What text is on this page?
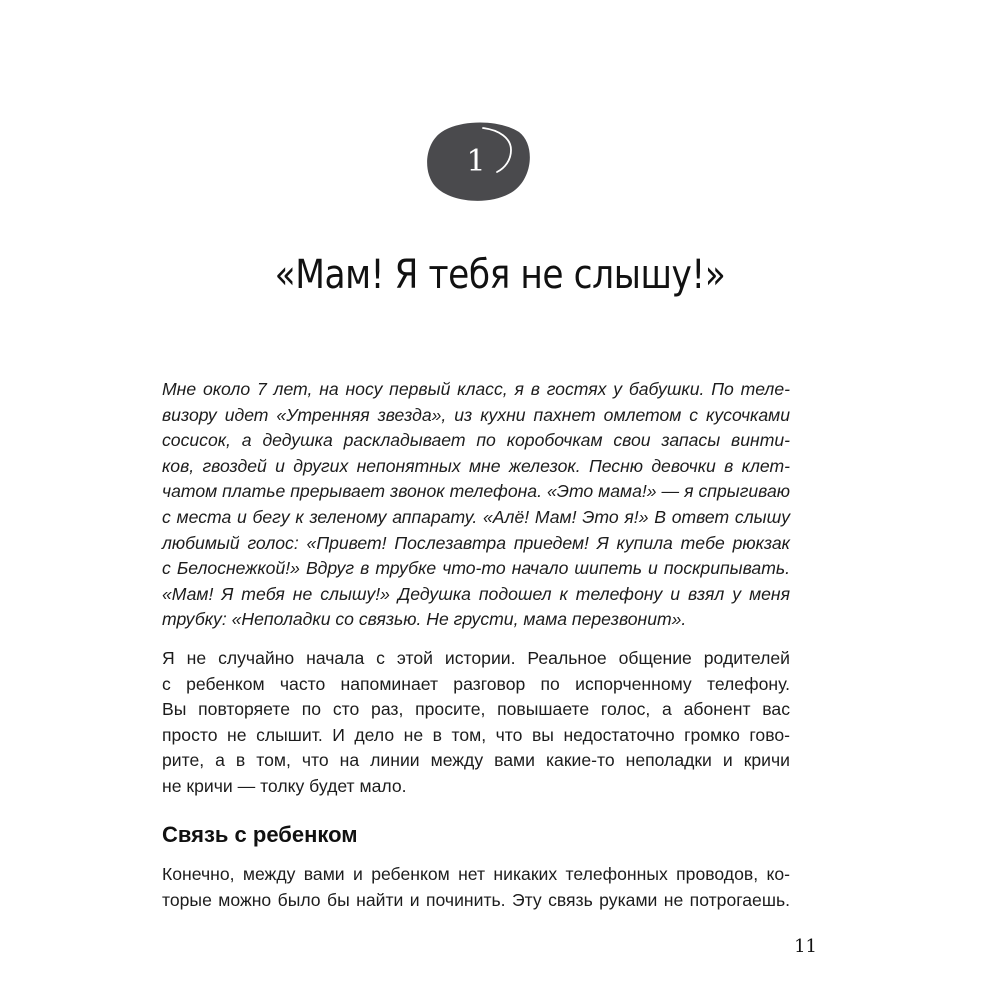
1
«Мам! Я тебя не слышу!»
Мне около 7 лет, на носу первый класс, я в гостях у бабушки. По теле-
визору идет «Утренняя звезда», из кухни пахнет омлетом с кусочками
сосисок, а дедушка раскладывает по коробочкам свои запасы винти-
ков, гвоздей и других непонятных мне железок. Песню девочки в клет-
чатом платье прерывает звонок телефона. «Это мама!» — я спрыгиваю
с места и бегу к зеленому аппарату. «Алё! Мам! Это я!» В ответ слышу
любимый голос: «Привет! Послезавтра приедем! Я купила тебе рюкзак
с Белоснежкой!» Вдруг в трубке что-то начало шипеть и поскрипывать.
«Мам! Я тебя не слышу!» Дедушка подошел к телефону и взял у меня
трубку: «Неполадки со связью. Не грусти, мама перезвонит».
Я не случайно начала с этой истории. Реальное общение родителей
с ребенком часто напоминает разговор по испорченному телефону.
Вы повторяете по сто раз, просите, повышаете голос, а абонент вас
просто не слышит. И дело не в том, что вы недостаточно громко гово-
рите, а в том, что на линии между вами какие-то неполадки и кричи
не кричи — толку будет мало.
Связь с ребенком
Конечно, между вами и ребенком нет никаких телефонных проводов, ко-
торые можно было бы найти и починить. Эту связь руками не потрогаешь.
11
